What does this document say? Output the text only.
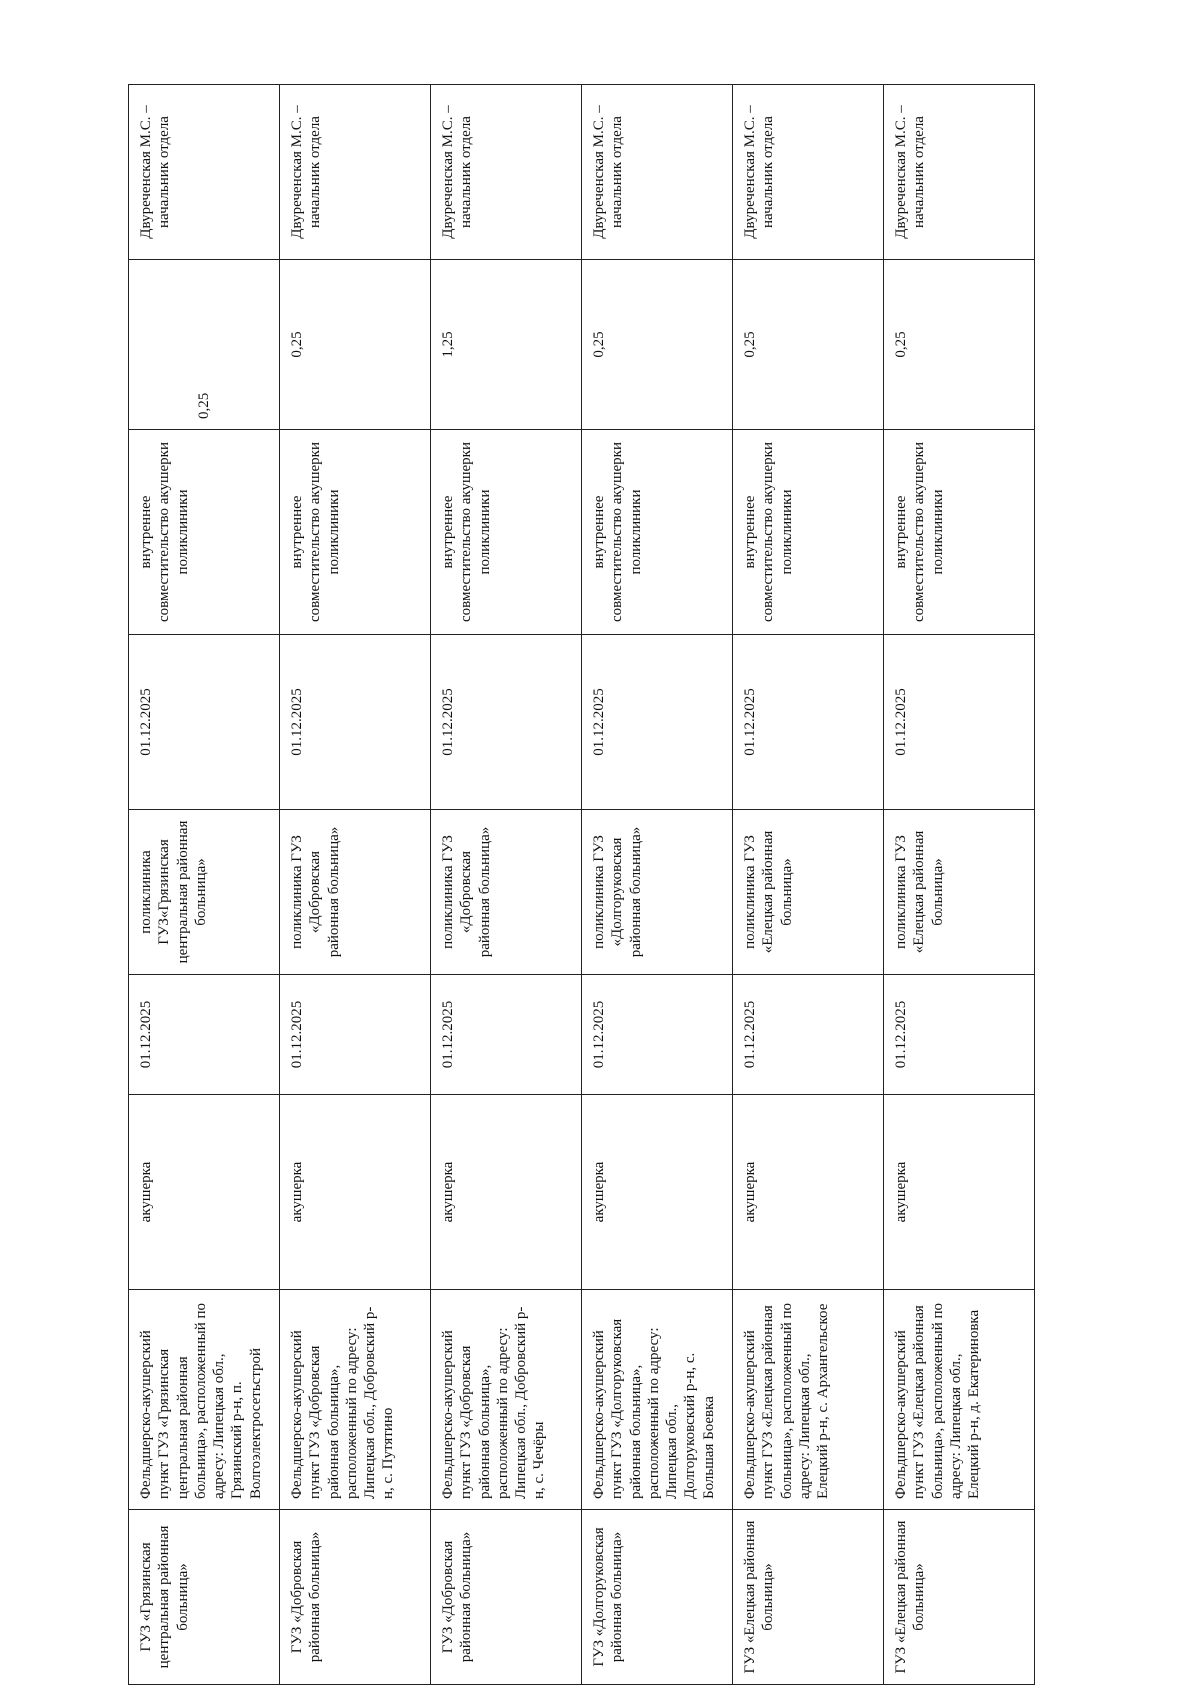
ГУЗ «Грязинская центральная районная больница»	Фельдшерско-акушерский пункт ГУЗ «Грязинская центральная районная больница», расположенный по адресу: Липецкая обл., Грязинский р-н, п. Волгоэлектросетьстрой	акушерка	01.12.2025	поликлиника ГУЗ«Грязинская центральная районная больница»	01.12.2025	внутреннее совместительство акушерки поликлиники	0,25	Двуреченская М.С. – начальник отдела
ГУЗ «Добровская районная больница»	Фельдшерско-акушерский пункт ГУЗ «Добровская районная больница», расположенный по адресу: Липецкая обл., Добровский р-н, с. Путятино	акушерка	01.12.2025	поликлиника ГУЗ «Добровская районная больница»	01.12.2025	внутреннее совместительство акушерки поликлиники	0,25	Двуреченская М.С. – начальник отдела
ГУЗ «Добровская районная больница»	Фельдшерско-акушерский пункт ГУЗ «Добровская районная больница», расположенный по адресу: Липецкая обл., Добровский р-н, с. Чечёры	акушерка	01.12.2025	поликлиника ГУЗ «Добровская районная больница»	01.12.2025	внутреннее совместительство акушерки поликлиники	1,25	Двуреченская М.С. – начальник отдела
ГУЗ «Долгоруковская районная больница»	Фельдшерско-акушерский пункт ГУЗ «Долгоруковская районная больница», расположенный по адресу: Липецкая обл., Долгоруковский р-н, с. Большая Боевка	акушерка	01.12.2025	поликлиника ГУЗ «Долгоруковская районная больница»	01.12.2025	внутреннее совместительство акушерки поликлиники	0,25	Двуреченская М.С. – начальник отдела
ГУЗ «Елецкая районная больница»	Фельдшерско-акушерский пункт ГУЗ «Елецкая районная больница», расположенный по адресу: Липецкая обл., Елецкий р-н, с. Архангельское	акушерка	01.12.2025	поликлиника ГУЗ «Елецкая районная больница»	01.12.2025	внутреннее совместительство акушерки поликлиники	0,25	Двуреченская М.С. – начальник отдела
ГУЗ «Елецкая районная больница»	Фельдшерско-акушерский пункт ГУЗ «Елецкая районная больница», расположенный по адресу: Липецкая обл., Елецкий р-н, д. Екатериновка	акушерка	01.12.2025	поликлиника ГУЗ «Елецкая районная больница»	01.12.2025	внутреннее совместительство акушерки поликлиники	0,25	Двуреченская М.С. – начальник отдела
